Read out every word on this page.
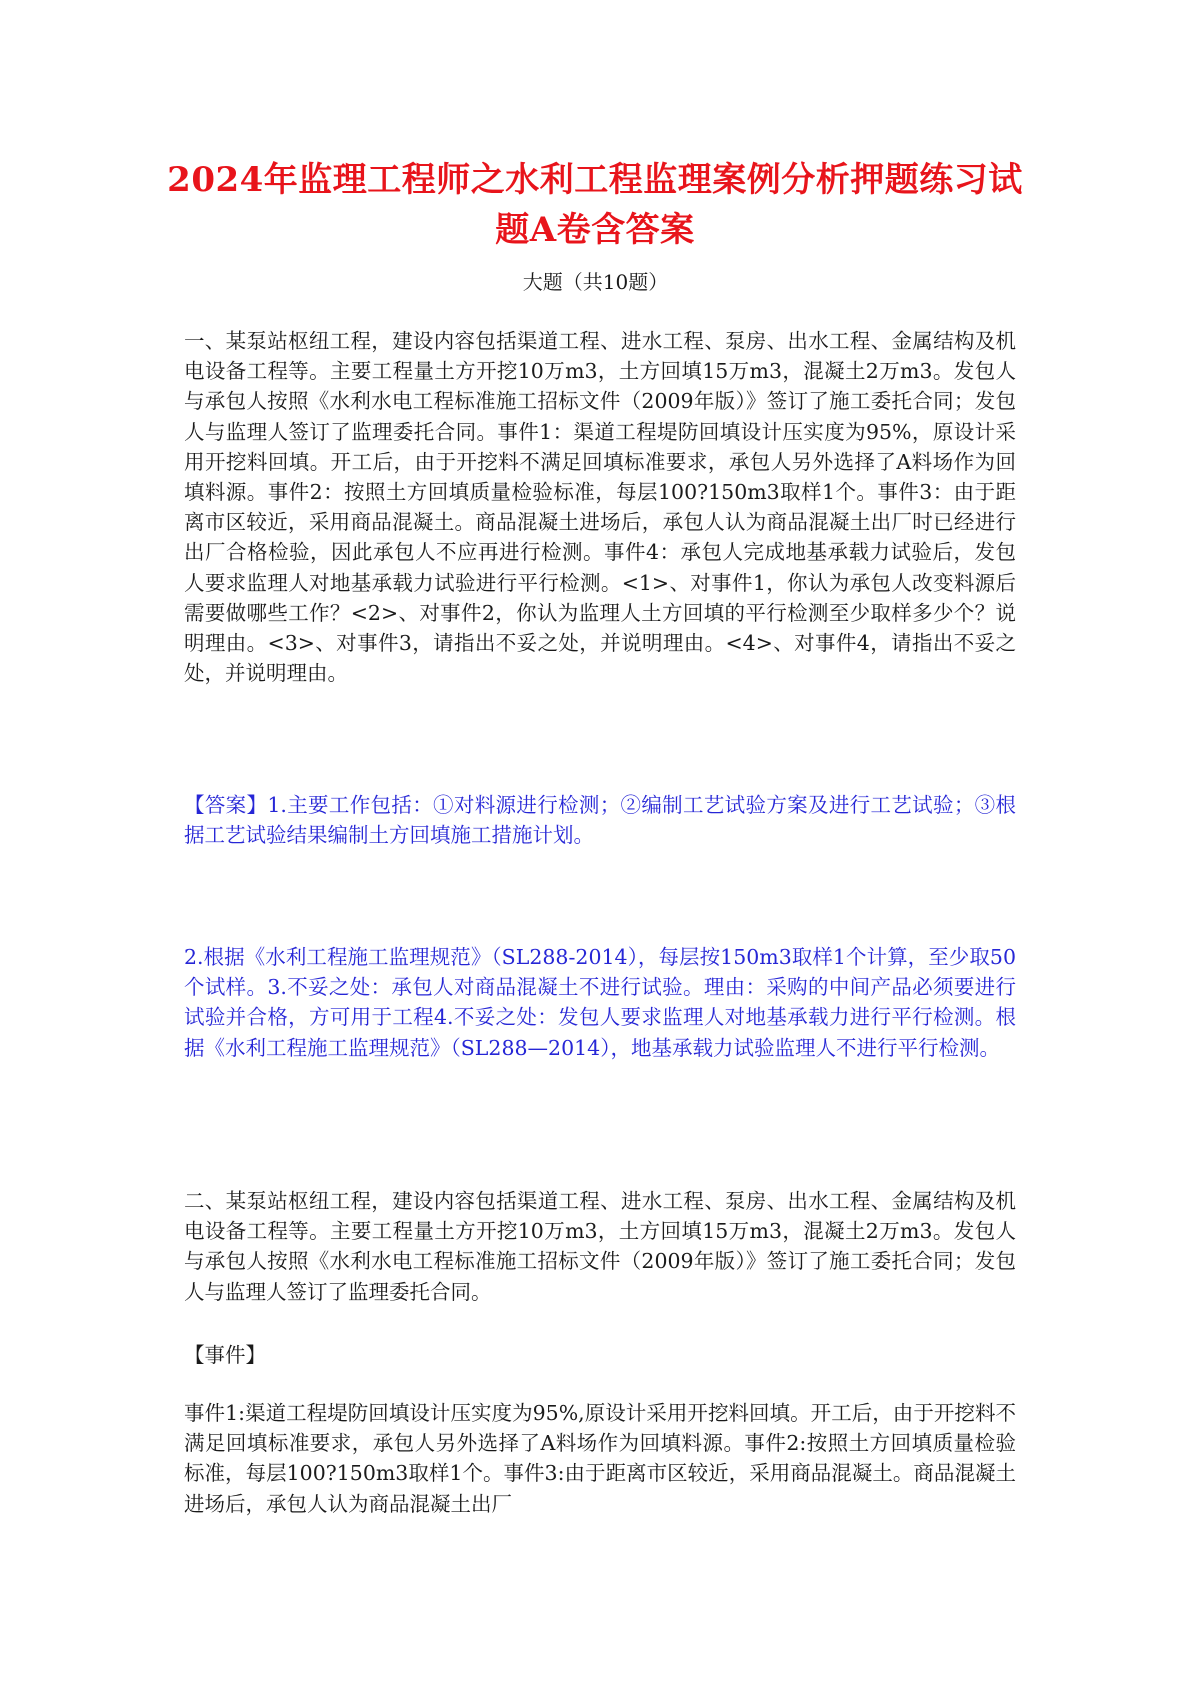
2024年监理工程师之水利工程监理案例分析押题练习试题A卷含答案
大题（共10题）

一、某泵站枢纽工程，建设内容包括渠道工程、进水工程、泵房、出水工程、金属结构及机电设备工程等。主要工程量土方开挖10万m3，土方回填15万m3，混凝土2万m3。发包人与承包人按照《水利水电工程标准施工招标文件（2009年版）》签订了施工委托合同；发包人与监理人签订了监理委托合同。事件1：渠道工程堤防回填设计压实度为95%，原设计采用开挖料回填。开工后，由于开挖料不满足回填标准要求，承包人另外选择了A料场作为回填料源。事件2：按照土方回填质量检验标准，每层100?150m3取样1个。事件3：由于距离市区较近，采用商品混凝土。商品混凝土进场后，承包人认为商品混凝土出厂时已经进行出厂合格检验，因此承包人不应再进行检测。事件4：承包人完成地基承载力试验后，发包人要求监理人对地基承载力试验进行平行检测。<1>、对事件1，你认为承包人改变料源后需要做哪些工作？<2>、对事件2，你认为监理人土方回填的平行检测至少取样多少个？说明理由。<3>、对事件3，请指出不妥之处，并说明理由。<4>、对事件4，请指出不妥之处，并说明理由。

【答案】1.主要工作包括：①对料源进行检测；②编制工艺试验方案及进行工艺试验；③根据工艺试验结果编制土方回填施工措施计划。

2.根据《水利工程施工监理规范》（SL288-2014），每层按150m3取样1个计算，至少取50个试样。3.不妥之处：承包人对商品混凝土不进行试验。理由：采购的中间产品必须要进行试验并合格，方可用于工程4.不妥之处：发包人要求监理人对地基承载力进行平行检测。根据《水利工程施工监理规范》（SL288—2014），地基承载力试验监理人不进行平行检测。

二、某泵站枢纽工程，建设内容包括渠道工程、进水工程、泵房、出水工程、金属结构及机电设备工程等。主要工程量土方开挖10万m3，土方回填15万m3，混凝土2万m3。发包人与承包人按照《水利水电工程标准施工招标文件（2009年版）》签订了施工委托合同；发包人与监理人签订了监理委托合同。

【事件】

事件1:渠道工程堤防回填设计压实度为95%,原设计采用开挖料回填。开工后，由于开挖料不满足回填标准要求，承包人另外选择了A料场作为回填料源。事件2:按照土方回填质量检验标准，每层100?150m3取样1个。事件3:由于距离市区较近，采用商品混凝土。商品混凝土进场后，承包人认为商品混凝土出厂
